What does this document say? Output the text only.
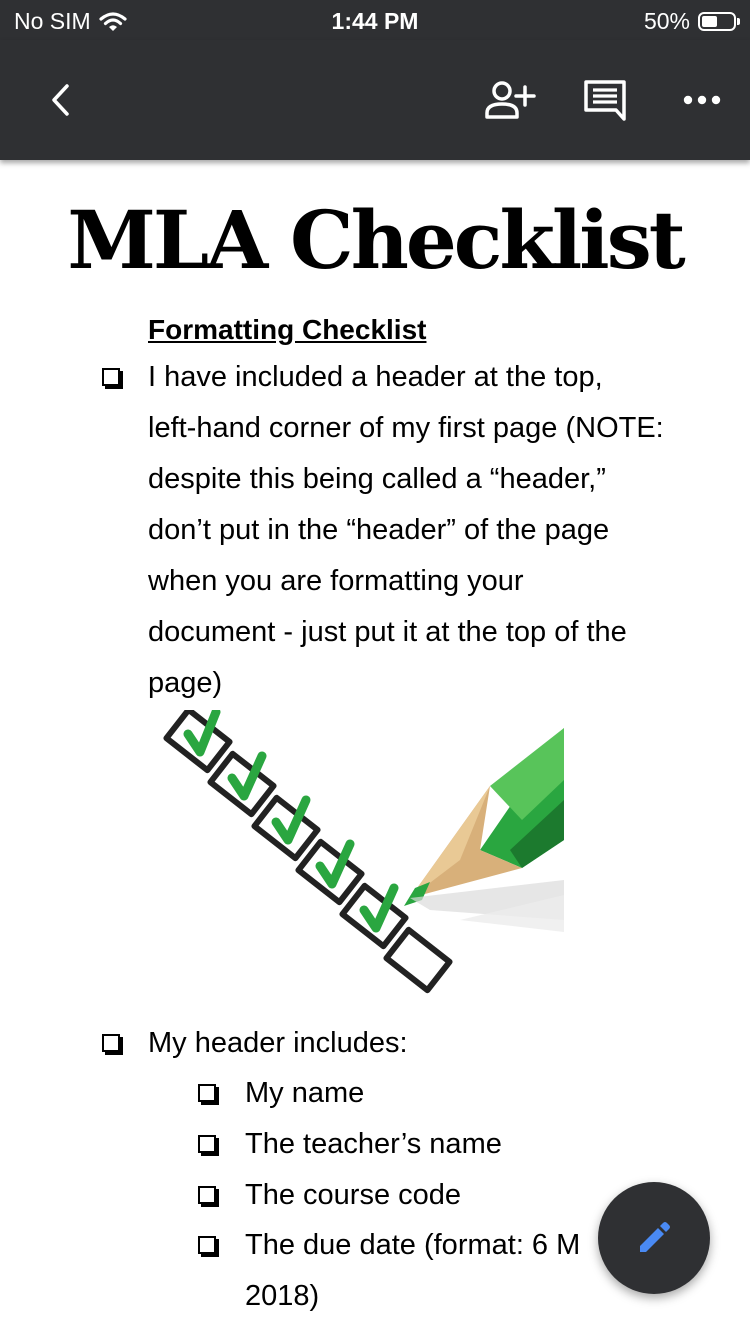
No SIM	1:44 PM	50%
MLA Checklist
Formatting Checklist
I have included a header at the top,
left-hand corner of my first page (NOTE:
despite this being called a “header,”
don’t put in the “header” of the page
when you are formatting your
document - just put it at the top of the
page)
My header includes:
My name
The teacher’s name
The course code
The due date (format: 6 M
2018)
